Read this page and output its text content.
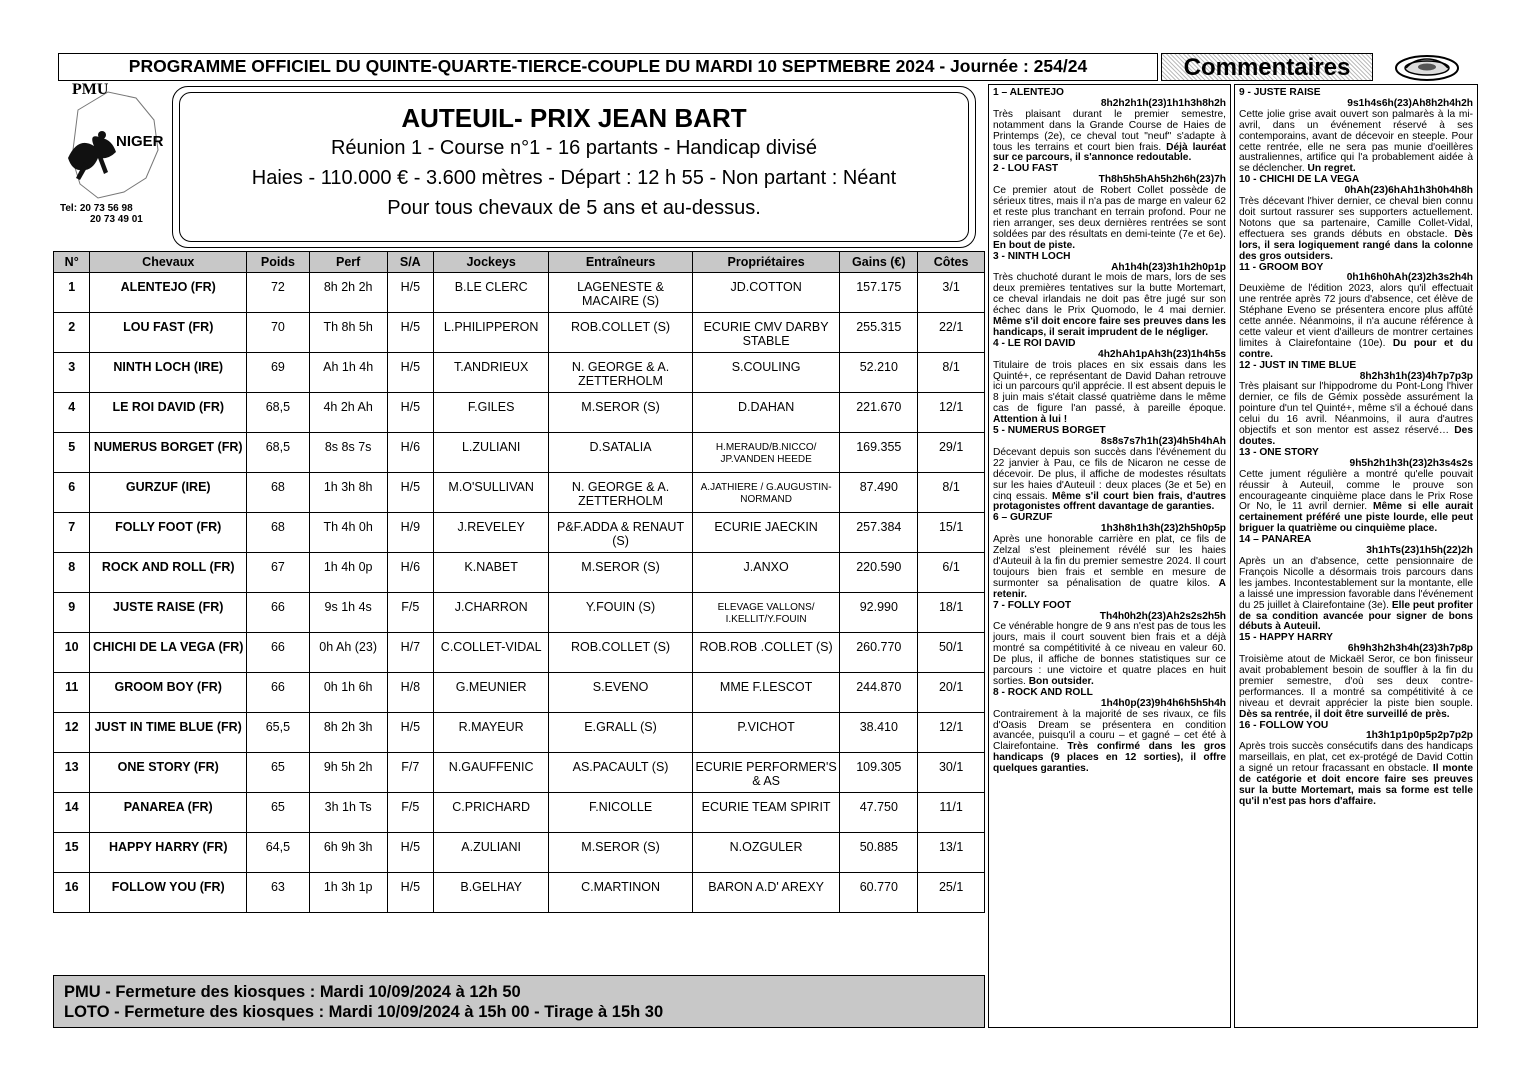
PROGRAMME OFFICIEL DU QUINTE-QUARTE-TIERCE-COUPLE DU MARDI 10 SEPTMEBRE 2024 - Journée : 254/24	Commentaires
PMU
NIGER
Tel: 20 73 56 98
20 73 49 01
AUTEUIL- PRIX JEAN BART
Réunion 1 - Course n°1 - 16 partants - Handicap divisé
Haies - 110.000 € - 3.600 mètres - Départ : 12 h 55 - Non partant : Néant
Pour tous chevaux de 5 ans et au-dessus.
N°	Chevaux	Poids	Perf	S/A	Jockeys	Entraîneurs	Propriétaires	Gains (€)	Côtes
1	ALENTEJO (FR)	72	8h 2h 2h	H/5	B.LE CLERC	LAGENESTE & MACAIRE (S)	JD.COTTON	157.175	3/1
2	LOU FAST (FR)	70	Th 8h 5h	H/5	L.PHILIPPERON	ROB.COLLET (S)	ECURIE CMV DARBY STABLE	255.315	22/1
3	NINTH LOCH (IRE)	69	Ah 1h 4h	H/5	T.ANDRIEUX	N. GEORGE & A. ZETTERHOLM	S.COULING	52.210	8/1
4	LE ROI DAVID (FR)	68,5	4h 2h Ah	H/5	F.GILES	M.SEROR (S)	D.DAHAN	221.670	12/1
5	NUMERUS BORGET (FR)	68,5	8s 8s 7s	H/6	L.ZULIANI	D.SATALIA	H.MERAUD/B.NICCO/ JP.VANDEN HEEDE	169.355	29/1
6	GURZUF (IRE)	68	1h 3h 8h	H/5	M.O'SULLIVAN	N. GEORGE & A. ZETTERHOLM	A.JATHIERE / G.AUGUSTIN-NORMAND	87.490	8/1
7	FOLLY FOOT (FR)	68	Th 4h 0h	H/9	J.REVELEY	P&F.ADDA & RENAUT (S)	ECURIE JAECKIN	257.384	15/1
8	ROCK AND ROLL (FR)	67	1h 4h 0p	H/6	K.NABET	M.SEROR (S)	J.ANXO	220.590	6/1
9	JUSTE RAISE (FR)	66	9s 1h 4s	F/5	J.CHARRON	Y.FOUIN (S)	ELEVAGE VALLONS/ I.KELLIT/Y.FOUIN	92.990	18/1
10	CHICHI DE LA VEGA (FR)	66	0h Ah (23)	H/7	C.COLLET-VIDAL	ROB.COLLET (S)	ROB.ROB .COLLET (S)	260.770	50/1
11	GROOM BOY (FR)	66	0h 1h 6h	H/8	G.MEUNIER	S.EVENO	MME F.LESCOT	244.870	20/1
12	JUST IN TIME BLUE (FR)	65,5	8h 2h 3h	H/5	R.MAYEUR	E.GRALL (S)	P.VICHOT	38.410	12/1
13	ONE STORY (FR)	65	9h 5h 2h	F/7	N.GAUFFENIC	AS.PACAULT (S)	ECURIE PERFORMER'S & AS	109.305	30/1
14	PANAREA (FR)	65	3h 1h Ts	F/5	C.PRICHARD	F.NICOLLE	ECURIE TEAM SPIRIT	47.750	11/1
15	HAPPY HARRY (FR)	64,5	6h 9h 3h	H/5	A.ZULIANI	M.SEROR (S)	N.OZGULER	50.885	13/1
16	FOLLOW YOU (FR)	63	1h 3h 1p	H/5	B.GELHAY	C.MARTINON	BARON A.D' AREXY	60.770	25/1
PMU - Fermeture des kiosques : Mardi 10/09/2024 à 12h 50
LOTO - Fermeture des kiosques : Mardi 10/09/2024 à 15h 00 - Tirage à 15h 30
1 – ALENTEJO
8h2h2h1h(23)1h1h3h8h2h

Très plaisant durant le premier semestre, notamment dans la Grande Course de Haies de Printemps (2e), ce cheval tout "neuf" s'adapte à tous les terrains et court bien frais. Déjà lauréat sur ce parcours, il s'annonce redoutable.

2 - LOU FAST
Th8h5h5hAh5h2h6h(23)7h

Ce premier atout de Robert Collet possède de sérieux titres, mais il n'a pas de marge en valeur 62 et reste plus tranchant en terrain profond. Pour ne rien arranger, ses deux dernières rentrées se sont soldées par des résultats en demi-teinte (7e et 6e). En bout de piste.

3 - NINTH LOCH
Ah1h4h(23)3h1h2h0p1p

Très chuchoté durant le mois de mars, lors de ses deux premières tentatives sur la butte Mortemart, ce cheval irlandais ne doit pas être jugé sur son échec dans le Prix Quomodo, le 4 mai dernier. Même s'il doit encore faire ses preuves dans les handicaps, il serait imprudent de le négliger.

4 - LE ROI DAVID
4h2hAh1pAh3h(23)1h4h5s

Titulaire de trois places en six essais dans les Quinté+, ce représentant de David Dahan retrouve ici un parcours qu'il apprécie. Il est absent depuis le 8 juin mais s'était classé quatrième dans le même cas de figure l'an passé, à pareille époque. Attention à lui !

5 - NUMERUS BORGET
8s8s7s7h1h(23)4h5h4hAh

Décevant depuis son succès dans l'événement du 22 janvier à Pau, ce fils de Nicaron ne cesse de décevoir. De plus, il affiche de modestes résultats sur les haies d'Auteuil : deux places (3e et 5e) en cinq essais. Même s'il court bien frais, d'autres protagonistes offrent davantage de garanties.

6 – GURZUF
1h3h8h1h3h(23)2h5h0p5p

Après une honorable carrière en plat, ce fils de Zelzal s'est pleinement révélé sur les haies d'Auteuil à la fin du premier semestre 2024. Il court toujours bien frais et semble en mesure de surmonter sa pénalisation de quatre kilos. A retenir.

7 - FOLLY FOOT
Th4h0h2h(23)Ah2s2s2h5h

Ce vénérable hongre de 9 ans n'est pas de tous les jours, mais il court souvent bien frais et a déjà montré sa compétitivité à ce niveau en valeur 60. De plus, il affiche de bonnes statistiques sur ce parcours : une victoire et quatre places en huit sorties. Bon outsider.

8 - ROCK AND ROLL
1h4h0p(23)9h4h6h5h5h4h

Contrairement à la majorité de ses rivaux, ce fils d'Oasis Dream se présentera en condition avancée, puisqu'il a couru – et gagné – cet été à Clairefontaine. Très confirmé dans les gros handicaps (9 places en 12 sorties), il offre quelques garanties.

9 - JUSTE RAISE
9s1h4s6h(23)Ah8h2h4h2h

Cette jolie grise avait ouvert son palmarès à la mi-avril, dans un événement réservé à ses contemporains, avant de décevoir en steeple. Pour cette rentrée, elle ne sera pas munie d'oeillères australiennes, artifice qui l'a probablement aidée à se déclencher. Un regret.

10 - CHICHI DE LA VEGA
0hAh(23)6hAh1h3h0h4h8h

Très décevant l'hiver dernier, ce cheval bien connu doit surtout rassurer ses supporters actuellement. Notons que sa partenaire, Camille Collet-Vidal, effectuera ses grands débuts en obstacle. Dès lors, il sera logiquement rangé dans la colonne des gros outsiders.

11 - GROOM BOY
0h1h6h0hAh(23)2h3s2h4h

Deuxième de l'édition 2023, alors qu'il effectuait une rentrée après 72 jours d'absence, cet élève de Stéphane Eveno se présentera encore plus affûté cette année. Néanmoins, il n'a aucune référence à cette valeur et vient d'ailleurs de montrer certaines limites à Clairefontaine (10e). Du pour et du contre.

12 - JUST IN TIME BLUE
8h2h3h1h(23)4h7p7p3p

Très plaisant sur l'hippodrome du Pont-Long l'hiver dernier, ce fils de Gémix possède assurément la pointure d'un tel Quinté+, même s'il a échoué dans celui du 16 avril. Néanmoins, il aura d'autres objectifs et son mentor est assez réservé… Des doutes.

13 - ONE STORY
9h5h2h1h3h(23)2h3s4s2s

Cette jument régulière a montré qu'elle pouvait réussir à Auteuil, comme le prouve son encourageante cinquième place dans le Prix Rose Or No, le 11 avril dernier. Même si elle aurait certainement préféré une piste lourde, elle peut briguer la quatrième ou cinquième place.

14 – PANAREA
3h1hTs(23)1h5h(22)2h

Après un an d'absence, cette pensionnaire de François Nicolle a désormais trois parcours dans les jambes. Incontestablement sur la montante, elle a laissé une impression favorable dans l'événement du 25 juillet à Clairefontaine (3e). Elle peut profiter de sa condition avancée pour signer de bons débuts à Auteuil.

15 - HAPPY HARRY
6h9h3h2h3h4h(23)3h7p8p

Troisième atout de Mickaël Seror, ce bon finisseur avait probablement besoin de souffler à la fin du premier semestre, d'où ses deux contre-performances. Il a montré sa compétitivité à ce niveau et devrait apprécier la piste bien souple. Dès sa rentrée, il doit être surveillé de près.

16 - FOLLOW YOU
1h3h1p1p0p5p2p7p2p

Après trois succès consécutifs dans des handicaps marseillais, en plat, cet ex-protégé de David Cottin a signé un retour fracassant en obstacle. Il monte de catégorie et doit encore faire ses preuves sur la butte Mortemart, mais sa forme est telle qu'il n'est pas hors d'affaire.
